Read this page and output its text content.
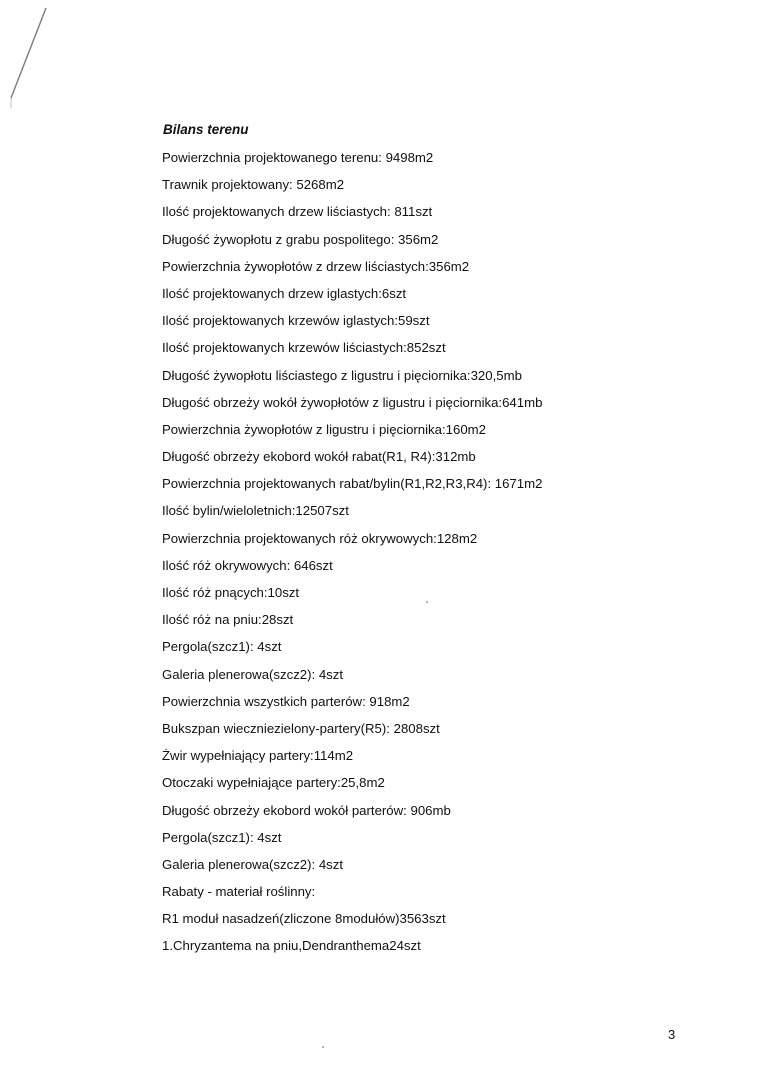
Bilans terenu
Powierzchnia projektowanego terenu: 9498m2
Trawnik projektowany: 5268m2
Ilość projektowanych drzew liściastych: 811szt
Długość żywopłotu z grabu pospolitego: 356m2
Powierzchnia żywopłotów z drzew liściastych:356m2
Ilość projektowanych drzew iglastych:6szt
Ilość projektowanych krzewów iglastych:59szt
Ilość projektowanych krzewów liściastych:852szt
Długość żywopłotu liściastego z ligustru i pięciornika:320,5mb
Długość obrzeży wokół żywopłotów z ligustru i pięciornika:641mb
Powierzchnia żywopłotów z ligustru i pięciornika:160m2
Długość obrzeży ekobord wokół rabat(R1, R4):312mb
Powierzchnia projektowanych rabat/bylin(R1,R2,R3,R4): 1671m2
Ilość bylin/wieloletnich:12507szt
Powierzchnia projektowanych róż okrywowych:128m2
Ilość róż okrywowych: 646szt
Ilość róż pnących:10szt
Ilość róż na pniu:28szt
Pergola(szcz1): 4szt
Galeria plenerowa(szcz2): 4szt
Powierzchnia wszystkich parterów: 918m2
Bukszpan wieczniezielony-partery(R5): 2808szt
Żwir wypełniający partery:114m2
Otoczaki wypełniające partery:25,8m2
Długość obrzeży ekobord wokół parterów: 906mb
Pergola(szcz1): 4szt
Galeria plenerowa(szcz2): 4szt
Rabaty - materiał roślinny:
R1 moduł nasadzeń(zliczone 8modułów)3563szt
1.Chryzantema na pniu,Dendranthema24szt
3
